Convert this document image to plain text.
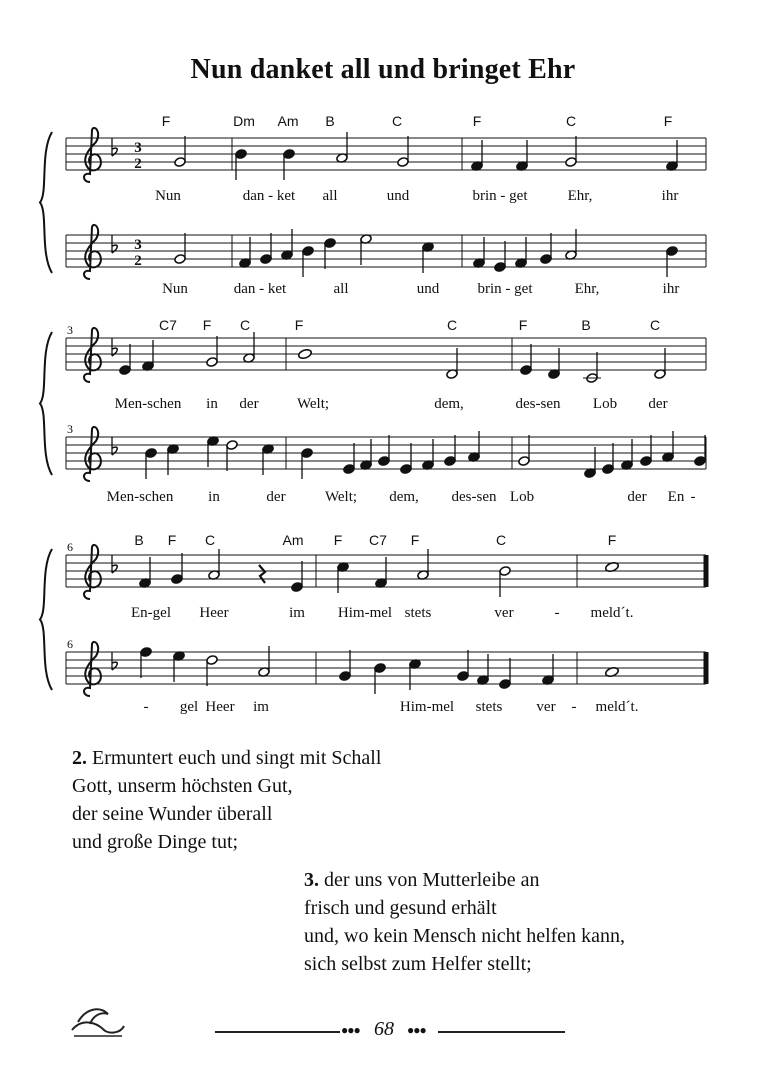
Nun danket all und bringet Ehr
3
2
3
2
F	Dm Am B	C	F	C	F
Nun	dan - ket all	und	brin - get	Ehr,	ihr
Nun	dan - ket	all	und	brin - get	Ehr,	ihr
3
3
C7 F C	F	C	F	B	C
Men-schen in der	Welt;	dem,	des-sen Lob der
Men-schen in	der	Welt; dem, des-sen Lob	der En -
6
6
B F C	Am F C7 F	C	F
En-gel Heer	im Him-mel stets	ver	- meld´t.
- gel Heer im	Him-mel stets ver - meld´t.
2. Ermuntert euch und singt mit Schall
Gott, unserm höchsten Gut,
der seine Wunder überall
und große Dinge tut;
3. der uns von Mutterleibe an
frisch und gesund erhält
und, wo kein Mensch nicht helfen kann,
sich selbst zum Helfer stellt;
●●● 68 ●●●
